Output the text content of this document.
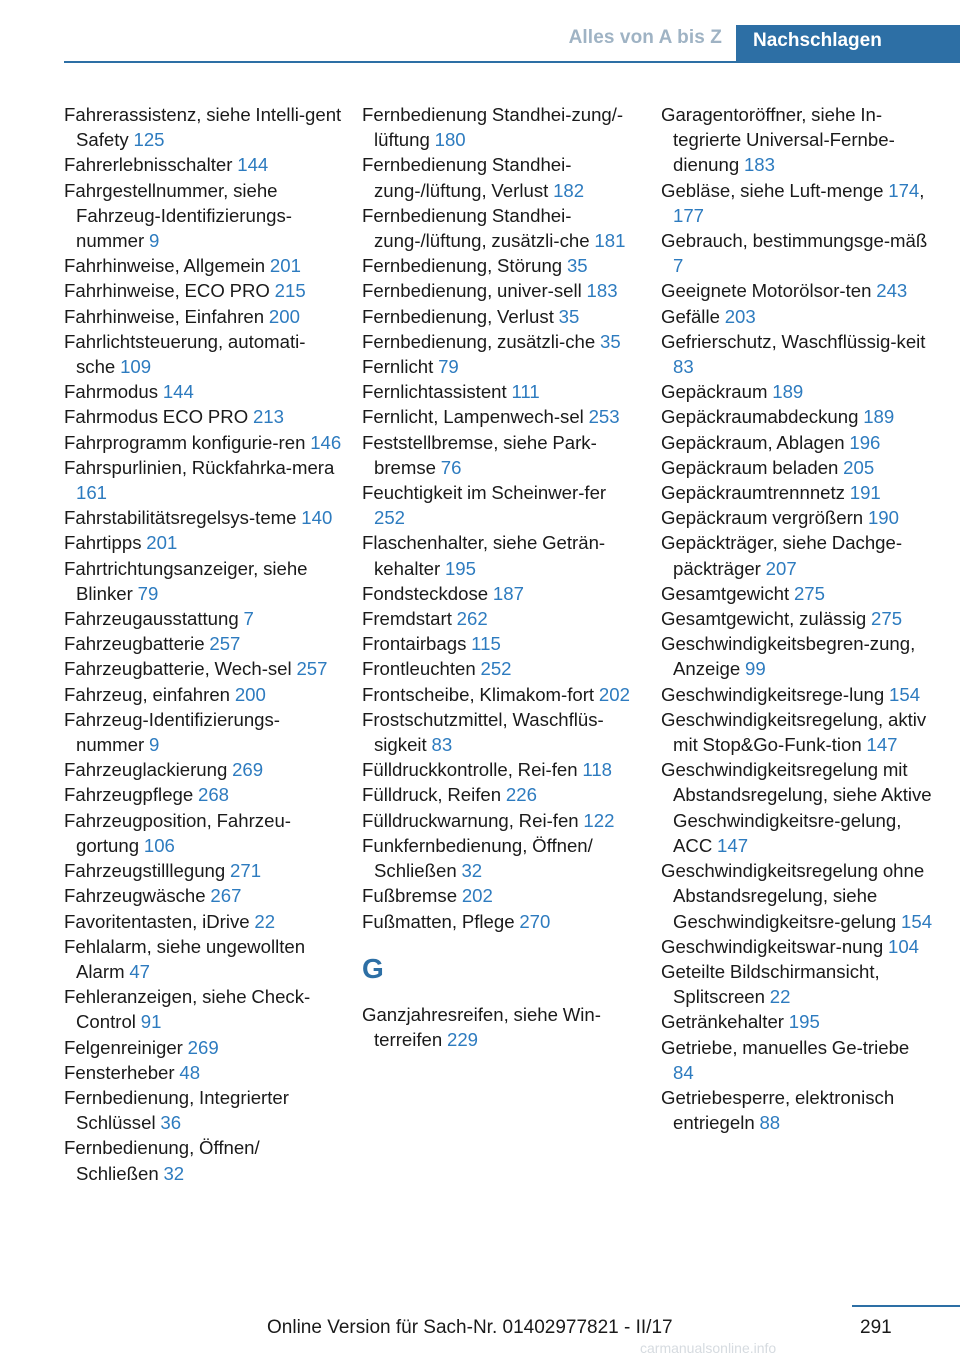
Alles von A bis Z	Nachschlagen
Fahrerassistenz, siehe Intelli-gent Safety 125
Fahrerlebnisschalter 144
Fahrgestellnummer, siehe Fahrzeug-Identifizierungs-nummer 9
Fahrhinweise, Allgemein 201
Fahrhinweise, ECO PRO 215
Fahrhinweise, Einfahren 200
Fahrlichtsteuerung, automati-sche 109
Fahrmodus 144
Fahrmodus ECO PRO 213
Fahrprogramm konfigurie-ren 146
Fahrspurlinien, Rückfahrka-mera 161
Fahrstabilitätsregelsys-teme 140
Fahrtipps 201
Fahrtrichtungsanzeiger, siehe Blinker 79
Fahrzeugausstattung 7
Fahrzeugbatterie 257
Fahrzeugbatterie, Wech-sel 257
Fahrzeug, einfahren 200
Fahrzeug-Identifizierungs-nummer 9
Fahrzeuglackierung 269
Fahrzeugpflege 268
Fahrzeugposition, Fahrzeu-gortung 106
Fahrzeugstilllegung 271
Fahrzeugwäsche 267
Favoritentasten, iDrive 22
Fehlalarm, siehe ungewollten Alarm 47
Fehleranzeigen, siehe Check-Control 91
Felgenreiniger 269
Fensterheber 48
Fernbedienung, Integrierter Schlüssel 36
Fernbedienung, Öffnen/ Schließen 32
Fernbedienung Standhei-zung/-lüftung 180
Fernbedienung Standhei-zung-/lüftung, Verlust 182
Fernbedienung Standhei-zung-/lüftung, zusätzli-che 181
Fernbedienung, Störung 35
Fernbedienung, univer-sell 183
Fernbedienung, Verlust 35
Fernbedienung, zusätzli-che 35
Fernlicht 79
Fernlichtassistent 111
Fernlicht, Lampenwech-sel 253
Feststellbremse, siehe Park-bremse 76
Feuchtigkeit im Scheinwer-fer 252
Flaschenhalter, siehe Geträn-kehalter 195
Fondsteckdose 187
Fremdstart 262
Frontairbags 115
Frontleuchten 252
Frontscheibe, Klimakom-fort 202
Frostschutzmittel, Waschflüs-sigkeit 83
Fülldruckkontrolle, Rei-fen 118
Fülldruck, Reifen 226
Fülldruckwarnung, Rei-fen 122
Funkfernbedienung, Öffnen/ Schließen 32
Fußbremse 202
Fußmatten, Pflege 270
G
Ganzjahresreifen, siehe Win-terreifen 229
Garagentoröffner, siehe In-tegrierte Universal-Fernbe-dienung 183
Gebläse, siehe Luft-menge 174, 177
Gebrauch, bestimmungsge-mäß 7
Geeignete Motorölsor-ten 243
Gefälle 203
Gefrierschutz, Waschflüssig-keit 83
Gepäckraum 189
Gepäckraumabdeckung 189
Gepäckraum, Ablagen 196
Gepäckraum beladen 205
Gepäckraumtrennnetz 191
Gepäckraum vergrößern 190
Gepäckträger, siehe Dachge-päckträger 207
Gesamtgewicht 275
Gesamtgewicht, zulässig 275
Geschwindigkeitsbegren-zung, Anzeige 99
Geschwindigkeitsrege-lung 154
Geschwindigkeitsregelung, aktiv mit Stop&Go-Funk-tion 147
Geschwindigkeitsregelung mit Abstandsregelung, siehe Aktive Geschwindigkeitsre-gelung, ACC 147
Geschwindigkeitsregelung ohne Abstandsregelung, siehe Geschwindigkeitsre-gelung 154
Geschwindigkeitswar-nung 104
Geteilte Bildschirmansicht, Splitscreen 22
Getränkehalter 195
Getriebe, manuelles Ge-triebe 84
Getriebesperre, elektronisch entriegeln 88
291
Online Version für Sach-Nr. 01402977821 - II/17
carmanualsonline.info
